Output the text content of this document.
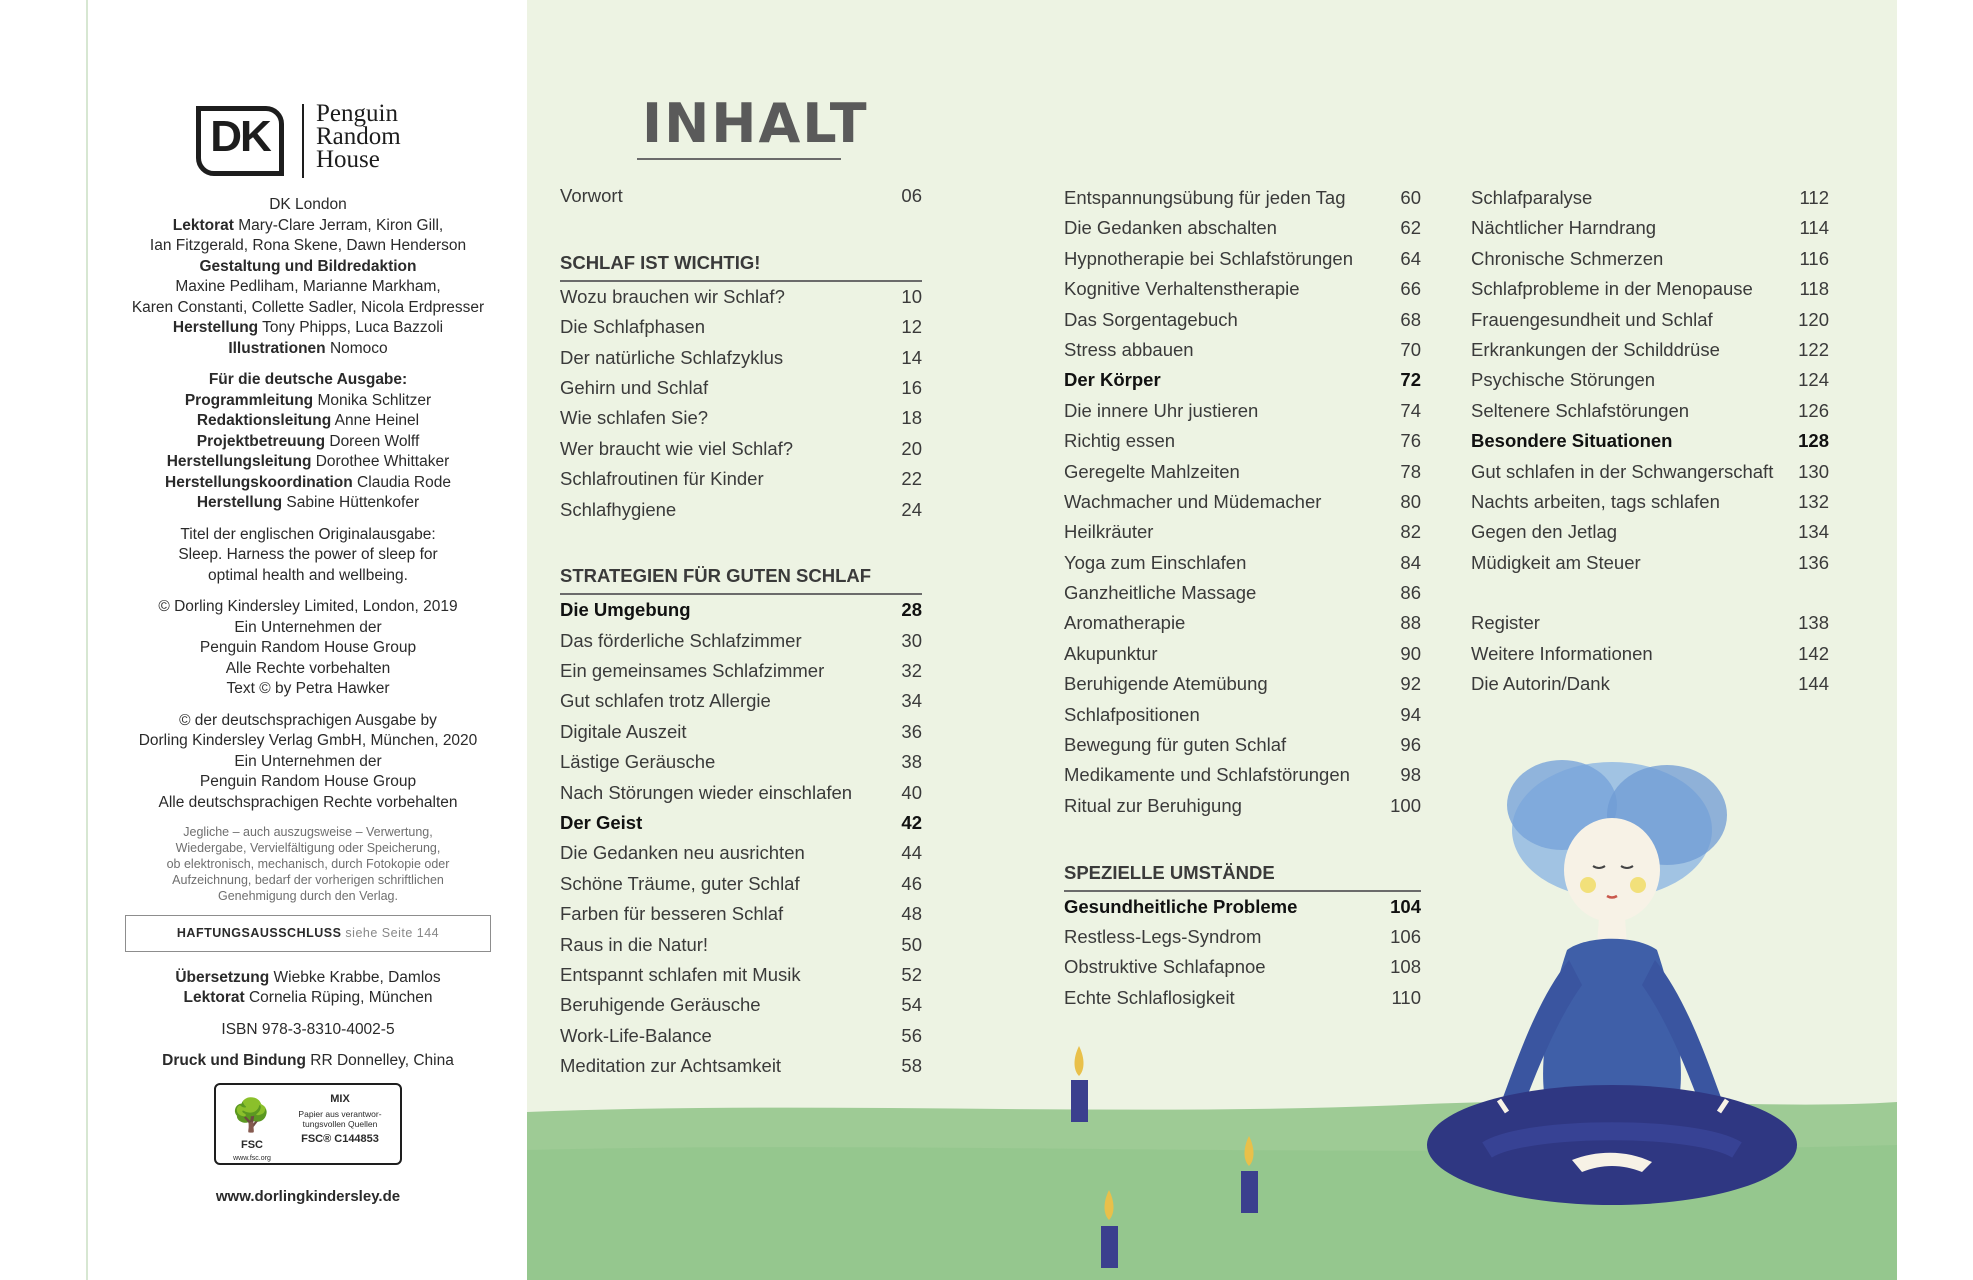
DK	Penguin
Random
House

DK London
Lektorat Mary-Clare Jerram, Kiron Gill,
Ian Fitzgerald, Rona Skene, Dawn Henderson
Gestaltung und Bildredaktion
Maxine Pedliham, Marianne Markham,
Karen Constanti, Collette Sadler, Nicola Erdpresser
Herstellung Tony Phipps, Luca Bazzoli
Illustrationen Nomoco

Für die deutsche Ausgabe:
Programmleitung Monika Schlitzer
Redaktionsleitung Anne Heinel
Projektbetreuung Doreen Wolff
Herstellungsleitung Dorothee Whittaker
Herstellungskoordination Claudia Rode
Herstellung Sabine Hüttenkofer

Titel der englischen Originalausgabe:
Sleep. Harness the power of sleep for
optimal health and wellbeing.

© Dorling Kindersley Limited, London, 2019
Ein Unternehmen der
Penguin Random House Group
Alle Rechte vorbehalten
Text © by Petra Hawker

© der deutschsprachigen Ausgabe by
Dorling Kindersley Verlag GmbH, München, 2020
Ein Unternehmen der
Penguin Random House Group
Alle deutschsprachigen Rechte vorbehalten

Jegliche – auch auszugsweise – Verwertung,
Wiedergabe, Vervielfältigung oder Speicherung,
ob elektronisch, mechanisch, durch Fotokopie oder
Aufzeichnung, bedarf der vorherigen schriftlichen
Genehmigung durch den Verlag.

HAFTUNGSAUSSCHLUSS siehe Seite 144

Übersetzung Wiebke Krabbe, Damlos
Lektorat Cornelia Rüping, München

ISBN 978-3-8310-4002-5

Druck und Bindung RR Donnelley, China

🌳
FSC
www.fsc.org
MIX
Papier aus verantwor-
tungsvollen Quellen
FSC® C144853

www.dorlingkindersley.de

INHALT
Vorwort	06
SCHLAF IST WICHTIG!
Wozu brauchen wir Schlaf?	10
Die Schlafphasen	12
Der natürliche Schlafzyklus	14
Gehirn und Schlaf	16
Wie schlafen Sie?	18
Wer braucht wie viel Schlaf?	20
Schlafroutinen für Kinder	22
Schlafhygiene	24
STRATEGIEN FÜR GUTEN SCHLAF
Die Umgebung	28
Das förderliche Schlafzimmer	30
Ein gemeinsames Schlafzimmer	32
Gut schlafen trotz Allergie	34
Digitale Auszeit	36
Lästige Geräusche	38
Nach Störungen wieder einschlafen	40
Der Geist	42
Die Gedanken neu ausrichten	44
Schöne Träume, guter Schlaf	46
Farben für besseren Schlaf	48
Raus in die Natur!	50
Entspannt schlafen mit Musik	52
Beruhigende Geräusche	54
Work-Life-Balance	56
Meditation zur Achtsamkeit	58
Entspannungsübung für jeden Tag	60
Die Gedanken abschalten	62
Hypnotherapie bei Schlafstörungen	64
Kognitive Verhaltenstherapie	66
Das Sorgentagebuch	68
Stress abbauen	70
Der Körper	72
Die innere Uhr justieren	74
Richtig essen	76
Geregelte Mahlzeiten	78
Wachmacher und Müdemacher	80
Heilkräuter	82
Yoga zum Einschlafen	84
Ganzheitliche Massage	86
Aromatherapie	88
Akupunktur	90
Beruhigende Atemübung	92
Schlafpositionen	94
Bewegung für guten Schlaf	96
Medikamente und Schlafstörungen	98
Ritual zur Beruhigung	100
SPEZIELLE UMSTÄNDE
Gesundheitliche Probleme	104
Restless-Legs-Syndrom	106
Obstruktive Schlafapnoe	108
Echte Schlaflosigkeit	110
Schlafparalyse	112
Nächtlicher Harndrang	114
Chronische Schmerzen	116
Schlafprobleme in der Menopause	118
Frauengesundheit und Schlaf	120
Erkrankungen der Schilddrüse	122
Psychische Störungen	124
Seltenere Schlafstörungen	126
Besondere Situationen	128
Gut schlafen in der Schwangerschaft 130
Nachts arbeiten, tags schlafen	132
Gegen den Jetlag	134
Müdigkeit am Steuer	136
Register	138
Weitere Informationen	142
Die Autorin/Dank	144
